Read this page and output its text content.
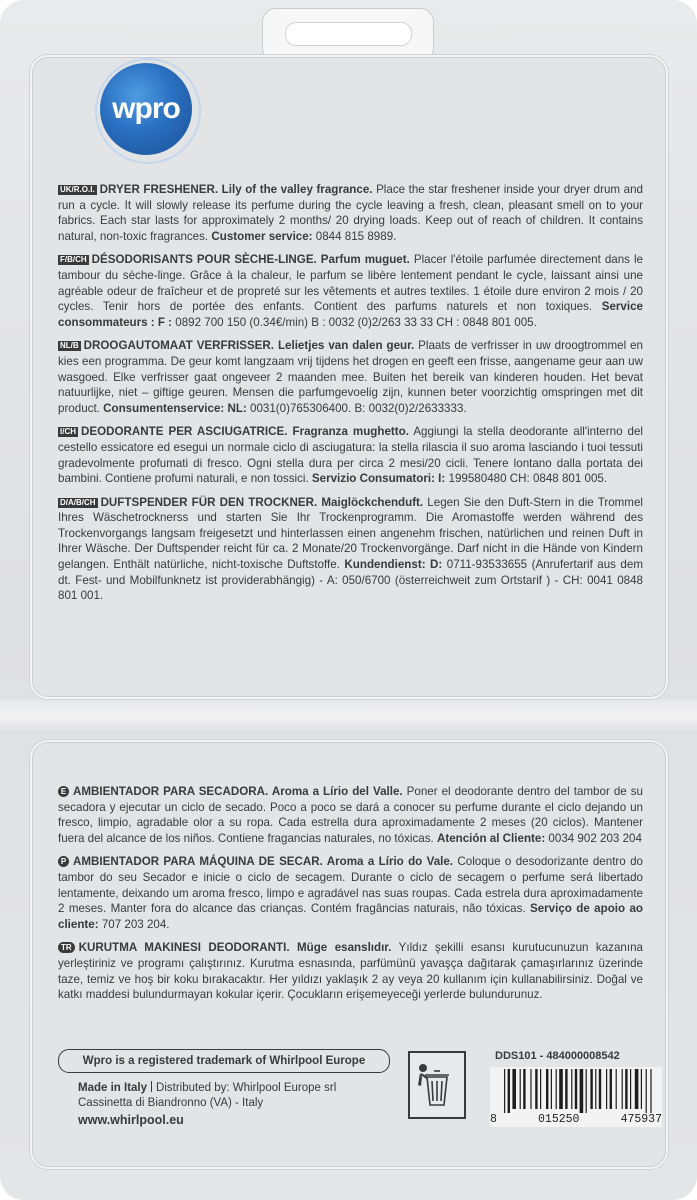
wpro
UK/R.O.I. DRYER FRESHENER. Lily of the valley fragrance. Place the star freshener inside your dryer drum and run a cycle. It will slowly release its perfume during the cycle leaving a fresh, clean, pleasant smell on to your fabrics. Each star lasts for approximately 2 months/ 20 drying loads. Keep out of reach of children. It contains natural, non-toxic fragrances. Customer service: 0844 815 8989.
F/B/CH DÉSODORISANTS POUR SÈCHE-LINGE. Parfum muguet. Placer l'étoile parfumée directement dans le tambour du sèche-linge. Grâce à la chaleur, le parfum se libère lentement pendant le cycle, laissant ainsi une agréable odeur de fraîcheur et de propreté sur les vêtements et autres textiles. 1 étoile dure environ 2 mois / 20 cycles. Tenir hors de portée des enfants. Contient des parfums naturels et non toxiques. Service consommateurs : F : 0892 700 150 (0.34€/min) B : 0032 (0)2/263 33 33 CH : 0848 801 005.
NL/B DROOGAUTOMAAT VERFRISSER. Lelietjes van dalen geur. Plaats de verfrisser in uw droogtrommel en kies een programma. De geur komt langzaam vrij tijdens het drogen en geeft een frisse, aangename geur aan uw wasgoed. Elke verfrisser gaat ongeveer 2 maanden mee. Buiten het bereik van kinderen houden. Het bevat natuurlijke, niet – giftige geuren. Mensen die parfumgevoelig zijn, kunnen beter voorzichtig omspringen met dit product. Consumentenservice: NL: 0031(0)765306400. B: 0032(0)2/2633333.
I/CH DEODORANTE PER ASCIUGATRICE. Fragranza mughetto. Aggiungi la stella deodorante all'interno del cestello essicatore ed esegui un normale ciclo di asciugatura: la stella rilascia il suo aroma lasciando i tuoi tessuti gradevolmente profumati di fresco. Ogni stella dura per circa 2 mesi/20 cicli. Tenere lontano dalla portata dei bambini. Contiene profumi naturali, e non tossici. Servizio Consumatori: I: 199580480 CH: 0848 801 005.
D/A/B/CH DUFTSPENDER FÜR DEN TROCKNER. Maiglöckchenduft. Legen Sie den Duft-Stern in die Trommel Ihres Wäschetrocknerss und starten Sie Ihr Trockenprogramm. Die Aromastoffe werden während des Trockenvorgangs langsam freigesetzt und hinterlassen einen angenehm frischen, natürlichen und reinen Duft in Ihrer Wäsche. Der Duftspender reicht für ca. 2 Monate/20 Trockenvorgänge. Darf nicht in die Hände von Kindern gelangen. Enthält natürliche, nicht-toxische Duftstoffe. Kundendienst: D: 0711-93533655 (Anrufertarif aus dem dt. Fest- und Mobilfunknetz ist providerabhängig) - A: 050/6700 (österreichweit zum Ortstarif ) - CH: 0041 0848 801 001.
E AMBIENTADOR PARA SECADORA. Aroma a Lírio del Valle. Poner el deodorante dentro del tambor de su secadora y ejecutar un ciclo de secado. Poco a poco se dará a conocer su perfume durante el ciclo dejando un fresco, limpio, agradable olor a su ropa. Cada estrella dura aproximadamente 2 meses (20 ciclos). Mantener fuera del alcance de los niños. Contiene fragancias naturales, no tóxicas. Atención al Cliente: 0034 902 203 204
P AMBIENTADOR PARA MÁQUINA DE SECAR. Aroma a Lírio do Vale. Coloque o desodorizante dentro do tambor do seu Secador e inicie o ciclo de secagem. Durante o ciclo de secagem o perfume será libertado lentamente, deixando um aroma fresco, limpo e agradável nas suas roupas. Cada estrela dura aproximadamente 2 meses. Manter fora do alcance das crianças. Contém fragâncias naturais, não tóxicas. Serviço de apoio ao cliente: 707 203 204.
TR KURUTMA MAKINESI DEODORANTI. Müge esanslıdır. Yıldız şekilli esansı kurutucunuzun kazanına yerleştiriniz ve programı çalıştırınız. Kurutma esnasında, parfümünü yavaşça dağıtarak çamaşırlarınız üzerinde taze, temiz ve hoş bir koku bırakacaktır. Her yıldızı yaklaşık 2 ay veya 20 kullanım için kullanabilirsiniz. Doğal ve katkı maddesi bulundurmayan kokular içerir. Çocukların erişemeyeceği yerlerde bulundurunuz.
Wpro is a registered trademark of Whirlpool Europe
Made in Italy Distributed by: Whirlpool Europe srl
Cassinetta di Biandronno (VA) - Italy
www.whirlpool.eu
DDS101 - 484000008542
8	015250	475937
